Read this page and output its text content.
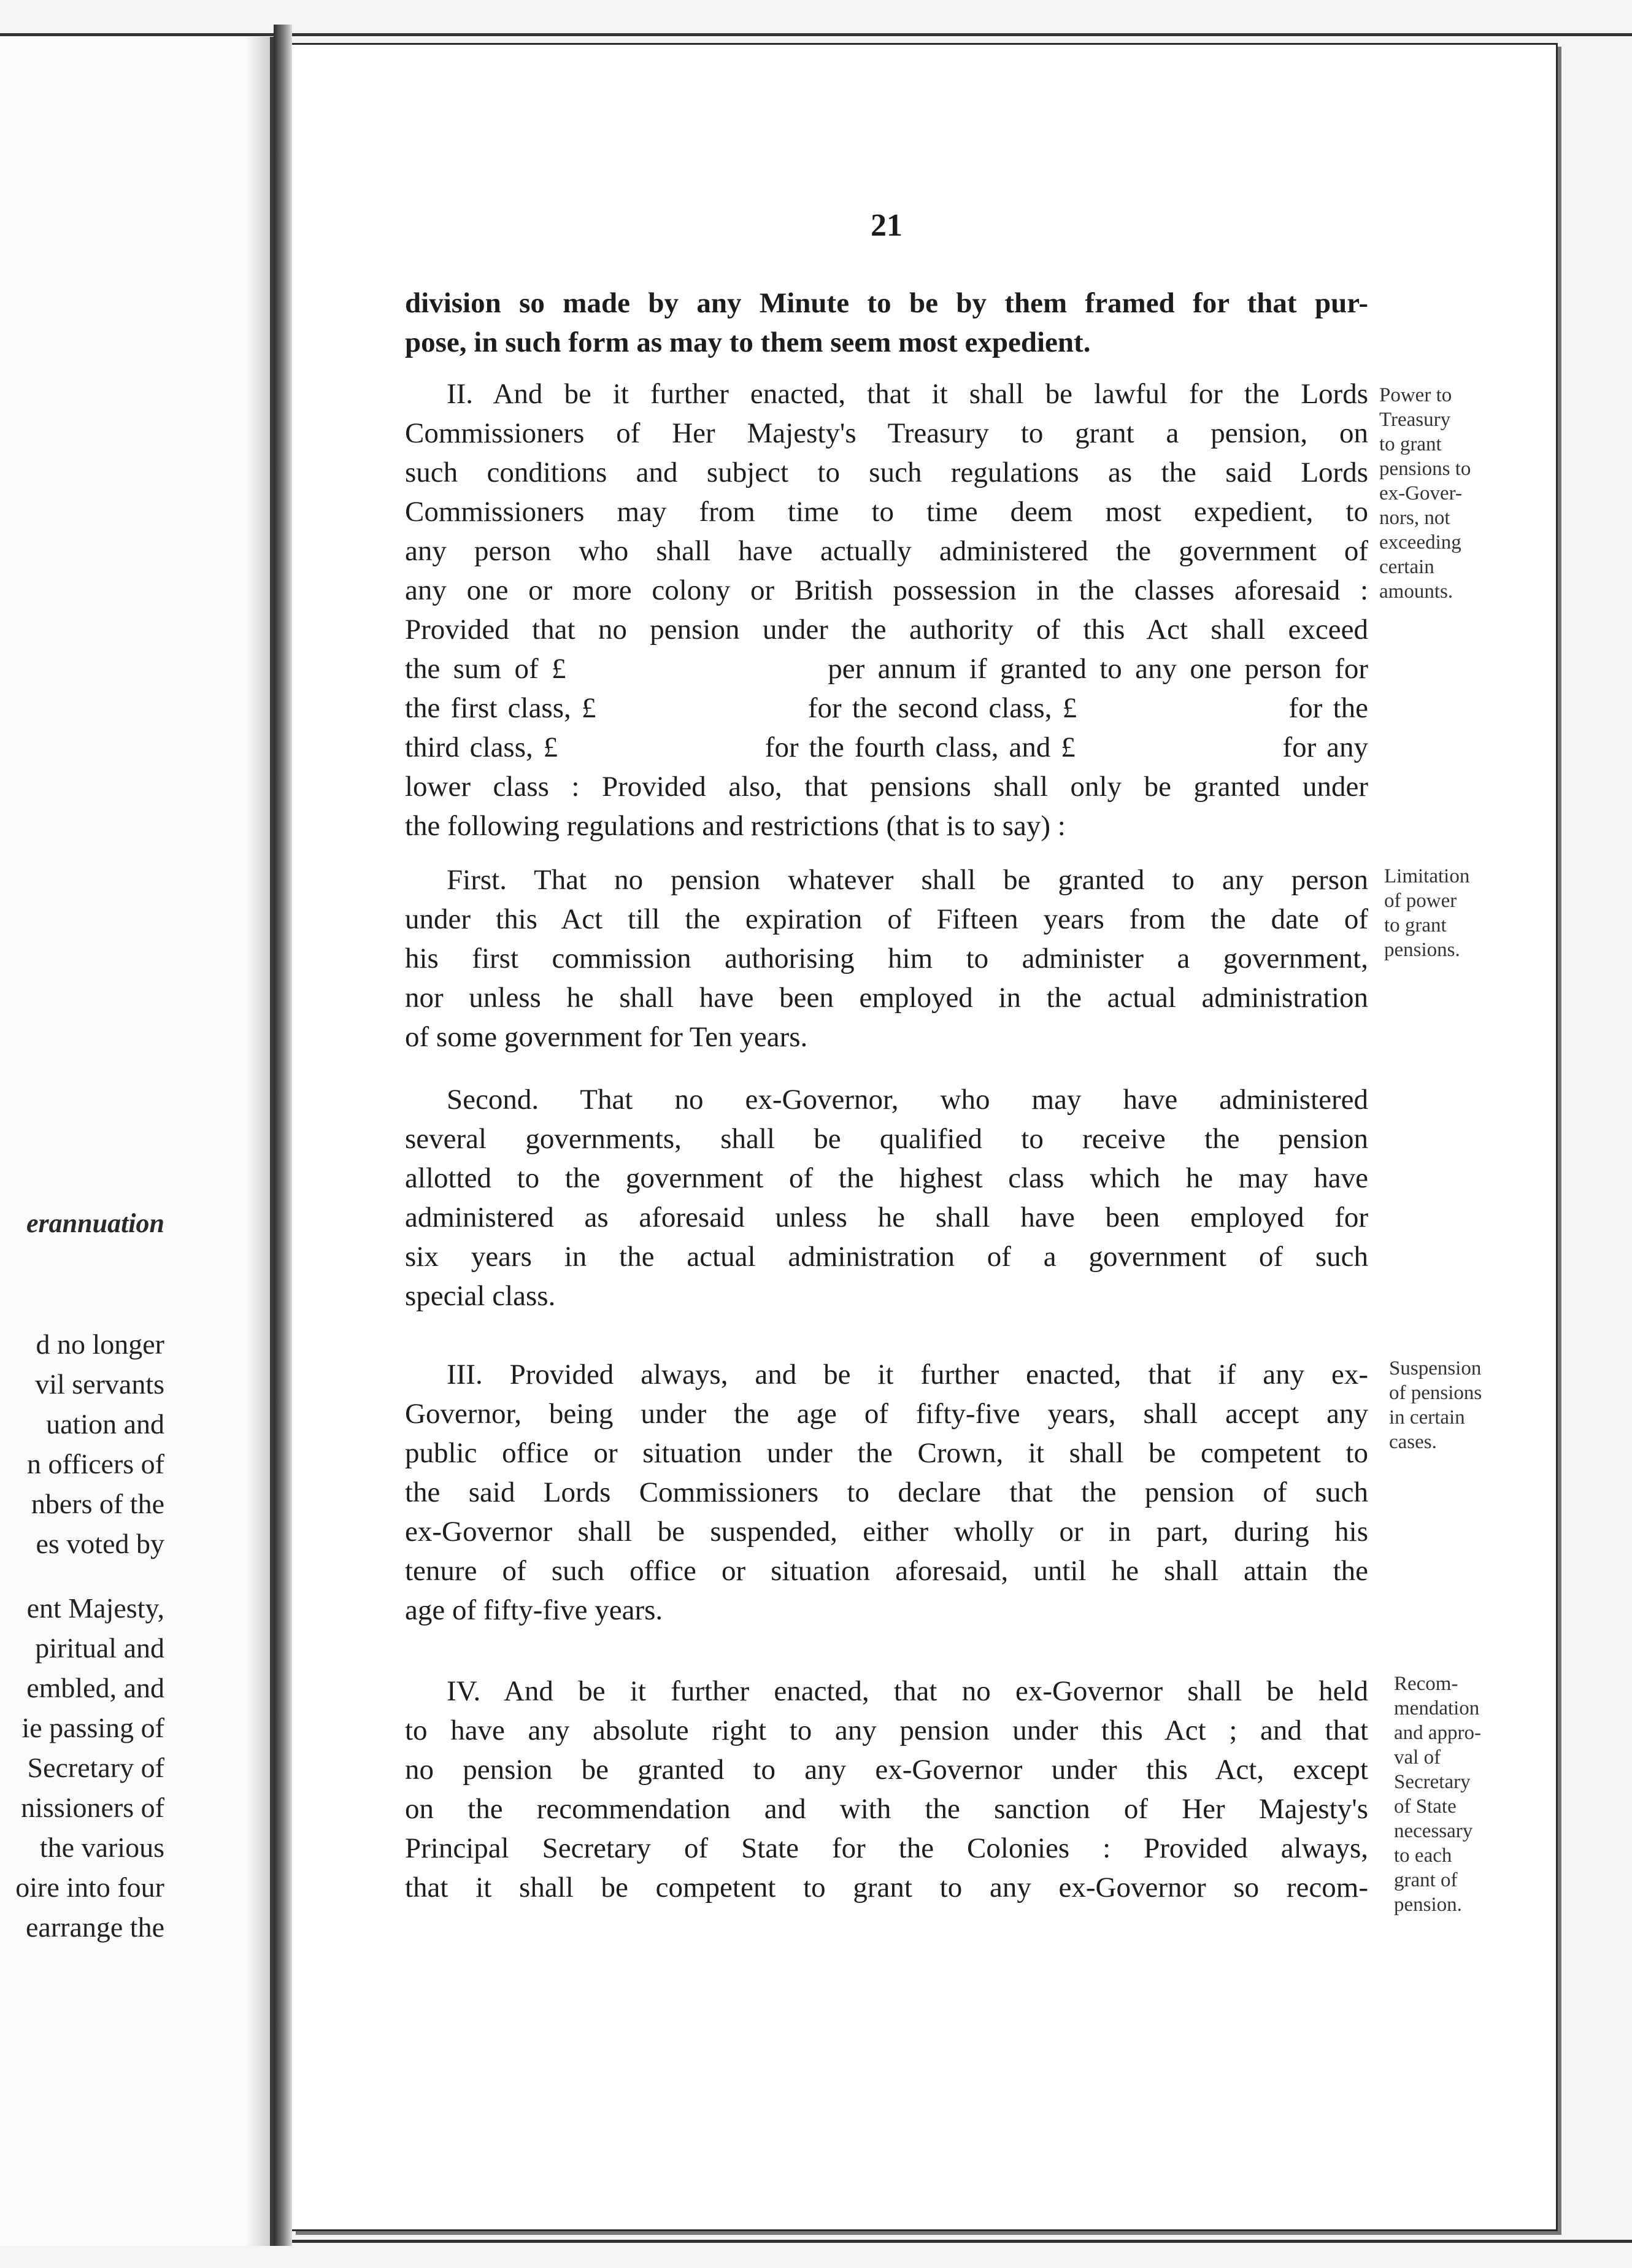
erannuation
d no longer
vil servants
uation and
n officers of
nbers of the
es voted by
ent Majesty,
piritual and
embled, and
ie passing of
Secretary of
nissioners of
the various
oire into four
earrange the
21
division so made by any Minute to be by them framed for that pur-
pose, in such form as may to them seem most expedient.
II. And be it further enacted, that it shall be lawful for the Lords
Commissioners of Her Majesty's Treasury to grant a pension, on
such conditions and subject to such regulations as the said Lords
Commissioners may from time to time deem most expedient, to
any person who shall have actually administered the government of
any one or more colony or British possession in the classes aforesaid :
Provided that no pension under the authority of this Act shall exceed
the sum of £                    per annum if granted to any one person for
the first class, £                    for the second class, £                    for the
third class, £                    for the fourth class, and £                    for any
lower class : Provided also, that pensions shall only be granted under
the following regulations and restrictions (that is to say) :
Power to
Treasury
to grant
pensions to
ex-Gover-
nors, not
exceeding
certain
amounts.
First. That no pension whatever shall be granted to any person
under this Act till the expiration of Fifteen years from the date of
his first commission authorising him to administer a government,
nor unless he shall have been employed in the actual administration
of some government for Ten years.
Limitation
of power
to grant
pensions.
Second. That no ex-Governor, who may have administered
several governments, shall be qualified to receive the pension
allotted to the government of the highest class which he may have
administered as aforesaid unless he shall have been employed for
six years in the actual administration of a government of such
special class.
III. Provided always, and be it further enacted, that if any ex-
Governor, being under the age of fifty-five years, shall accept any
public office or situation under the Crown, it shall be competent to
the said Lords Commissioners to declare that the pension of such
ex-Governor shall be suspended, either wholly or in part, during his
tenure of such office or situation aforesaid, until he shall attain the
age of fifty-five years.
Suspension
of pensions
in certain
cases.
IV. And be it further enacted, that no ex-Governor shall be held
to have any absolute right to any pension under this Act ; and that
no pension be granted to any ex-Governor under this Act, except
on the recommendation and with the sanction of Her Majesty's
Principal Secretary of State for the Colonies : Provided always,
that it shall be competent to grant to any ex-Governor so recom-
Recom-
mendation
and appro-
val of
Secretary
of State
necessary
to each
grant of
pension.
